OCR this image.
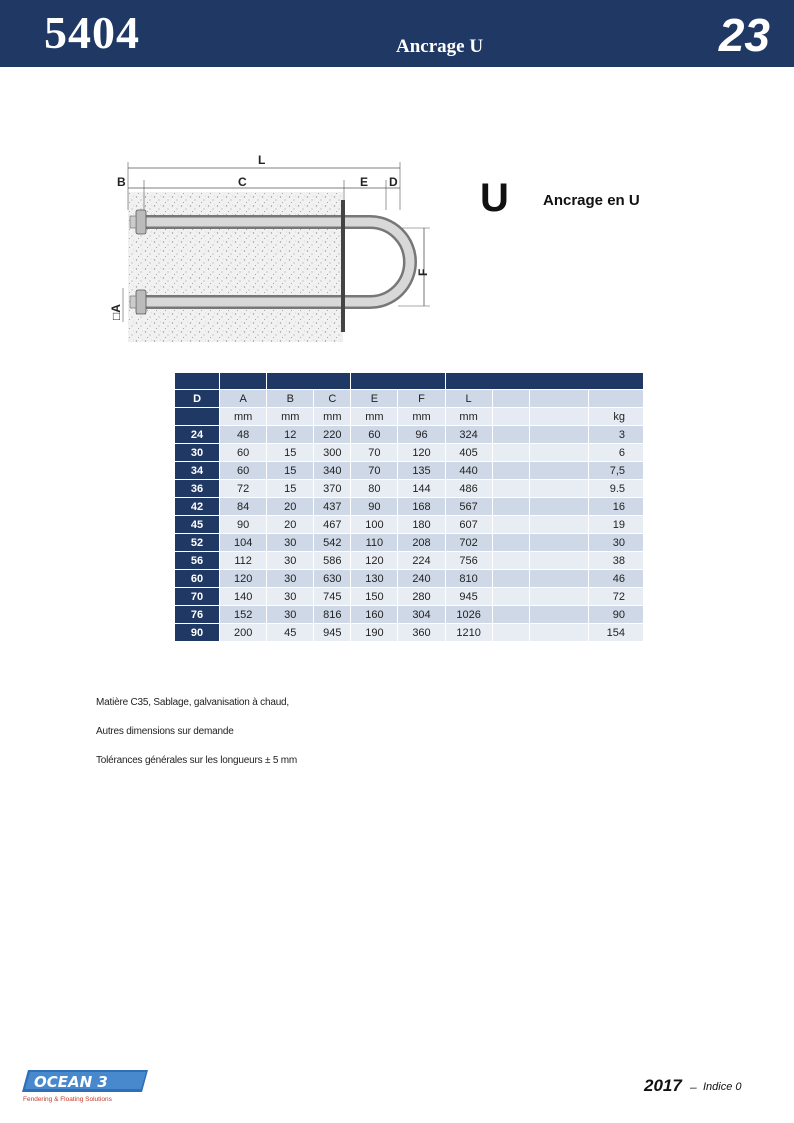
5404	Ancrage U	23
L
B	C	E D
F
□A
U Ancrage en U

D	A	B	C	E	F	L			
	mm	mm	mm	mm	mm	mm			kg
24	48	12	220	60	96	324			3
30	60	15	300	70	120	405			6
34	60	15	340	70	135	440			7,5
36	72	15	370	80	144	486			9.5
42	84	20	437	90	168	567			16
45	90	20	467	100	180	607			19
52	104	30	542	110	208	702			30
56	112	30	586	120	224	756			38
60	120	30	630	130	240	810			46
70	140	30	745	150	280	945			72
76	152	30	816	160	304	1026			90
90	200	45	945	190	360	1210			154
Matière C35, Sablage, galvanisation à chaud,
Autres dimensions sur demande
Tolérances générales sur les longueurs ± 5 mm
OCEAN 3
Fendering & Floating Solutions
2017 – Indice 0
